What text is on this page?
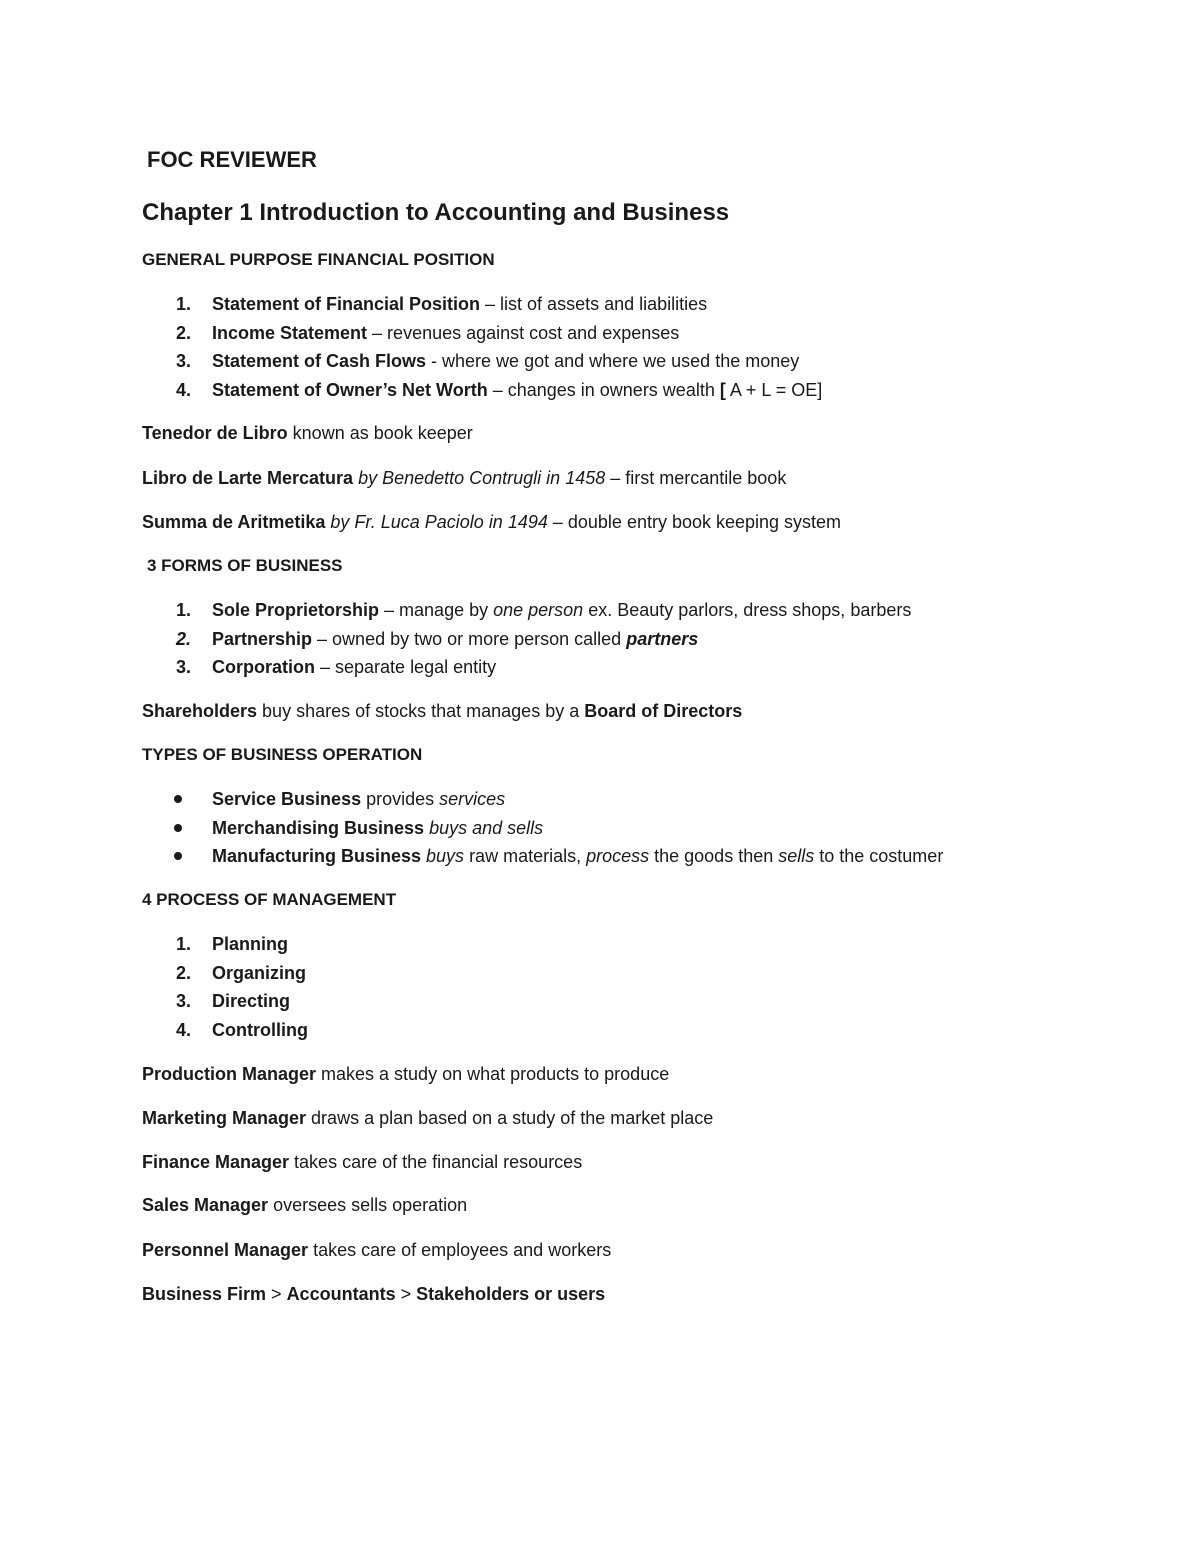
FOC REVIEWER
Chapter 1 Introduction to Accounting and Business
GENERAL PURPOSE FINANCIAL POSITION
1.	Statement of Financial Position – list of assets and liabilities
2.	Income Statement – revenues against cost and expenses
3.	Statement of Cash Flows - where we got and where we used the money
4.	Statement of Owner’s Net Worth – changes in owners wealth [ A + L = OE]
Tenedor de Libro known as book keeper
Libro de Larte Mercatura by Benedetto Contrugli in 1458 – first mercantile book
Summa de Aritmetika by Fr. Luca Paciolo in 1494 – double entry book keeping system
3 FORMS OF BUSINESS
1.	Sole Proprietorship – manage by one person ex. Beauty parlors, dress shops, barbers
2.	Partnership – owned by two or more person called partners
3.	Corporation – separate legal entity
Shareholders buy shares of stocks that manages by a Board of Directors
TYPES OF BUSINESS OPERATION
Service Business provides services
Merchandising Business buys and sells
Manufacturing Business buys raw materials, process the goods then sells to the costumer
4 PROCESS OF MANAGEMENT
1.	Planning
2.	Organizing
3.	Directing
4.	Controlling
Production Manager makes a study on what products to produce
Marketing Manager draws a plan based on a study of the market place
Finance Manager takes care of the financial resources
Sales Manager oversees sells operation
Personnel Manager takes care of employees and workers
Business Firm > Accountants > Stakeholders or users
